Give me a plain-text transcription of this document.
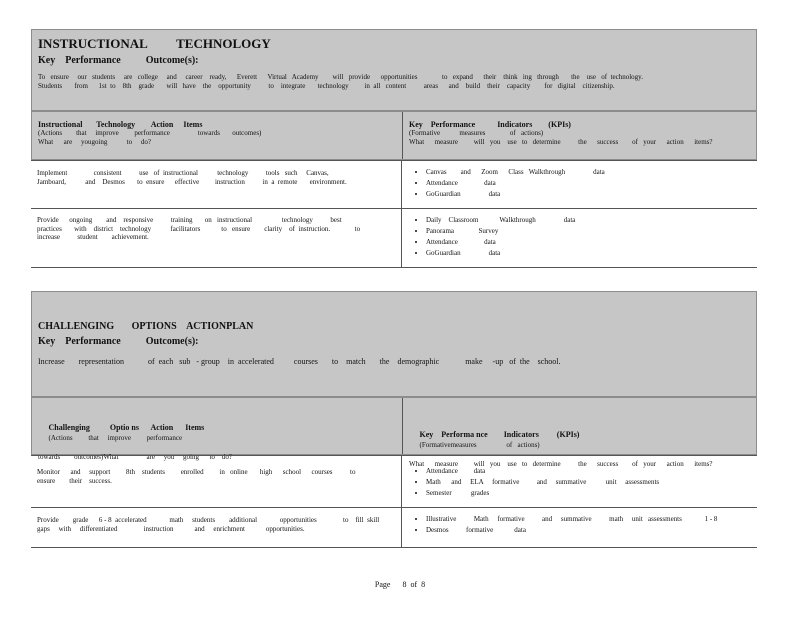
INSTRUCTIONAL         TECHNOLOGY
Key    Performance          Outcome(s):
To   ensure     our   students     are   college     and     career    ready,      Everett      Virtual   Academy        will   provide      opportunities              to   expand      their    think   ing   through       the    use   of  technology.
Students       from      1st  to    8th    grade       will   have    the    opportunity          to    integrate       technology         in  all   content          areas      and    build    their    capacity        for   digital    citizenship.
Instructional       Technology        Action     Items
(Actions        that     improve         performance                towards       outcomes)
What      are     yougoing           to     do?
Key    Performance           Indicators        (KPIs)
(Formative           measures              of   actions)
What      measure         will   you    use   to   determine          the      success        of   your      action      items?
Implement               consistent          use   of  instructional           technology          tools   such     Canvas,
Jamboard,           and    Desmos       to  ensure      effective         instruction          in  a  remote       environment.
• Canvas        and      Zoom      Class   Walkthrough                data
• Attendance               data
• GoGuardian                data
Provide      ongoing        and    responsive          training       on   instructional                 technology          best
practices       with    district    technology           facilitators            to   ensure        clarity    of  instruction.              to
increase          student        achievement.
• Daily    Classroom            Walkthrough                data
• Panorama              Survey
• Attendance               data
• GoGuardian                data
CHALLENGING       OPTIONS    ACTIONPLAN
Key    Performance          Outcome(s):
Increase       representation            of  each   sub   - group    in  accelerated          courses       to    match       the    demographic             make     -up   of  the    school.

Challenging          Optio ns      Action      Items
(Actions         that     improve         performance

towards        outcomes)What                are     you     going      to    do?

Key    Performa nce        Indicators         (KPIs)
(Formativemeasures                 of   actions)

What      measure         will   you    use   to   determine          the      success        of   your      action      items?
Monitor      and     support         8th    students         enrolled         in   online       high      school      courses          to
ensure        their    success.
• Attendance         data
• Math      and     ELA     formative          and     summative           unit     assessments
• Semester           grades
Provide        grade      6 - 8  accelerated             math     students        additional             opportunities               to    fill  skill
gaps     with     differentiated               instruction            and     enrichment            opportunities.
• Illustrative          Math     formative          and     summative          math     unit   assessments             1 - 8
• Desmos          formative            data
Page      8  of  8
